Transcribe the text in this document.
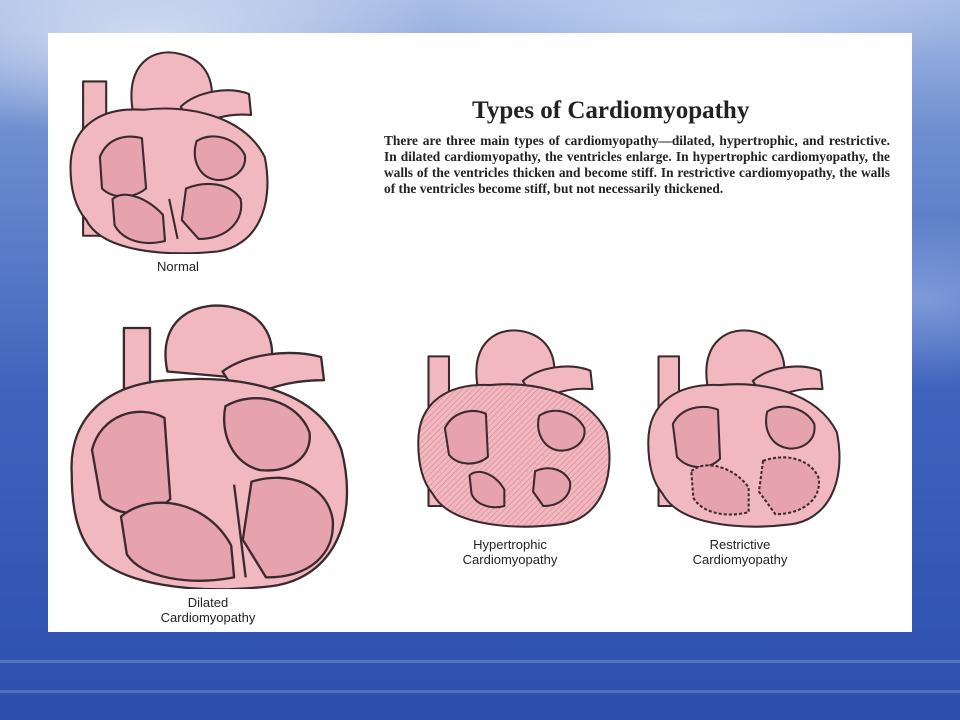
Normal
Types of Cardiomyopathy

There are three main types of cardiomyopathy—dilated, hypertrophic, and restrictive. In dilated cardiomyopathy, the ventricles enlarge. In hypertrophic cardiomyopathy, the walls of the ventricles thicken and become stiff. In restrictive cardiomyopathy, the walls of the ventricles become stiff, but not necessarily thickened.

Dilated
Cardiomyopathy
Hypertrophic
Cardiomyopathy
Restrictive
Cardiomyopathy
